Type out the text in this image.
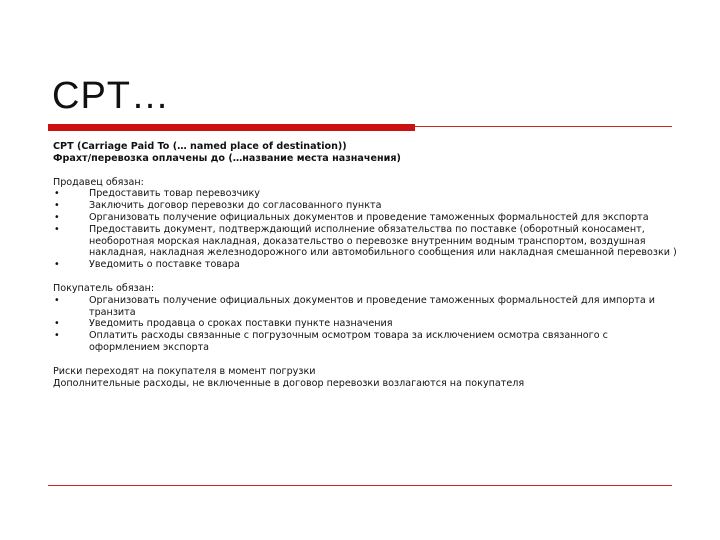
CPT…

CPT (Carriage Paid To (… named place of destination))

Фрахт/перевозка оплачены до (…название места назначения)

Продавец обязан:

• Предоставить товар перевозчику
• Заключить договор перевозки до согласованного пункта
• Организовать получение официальных документов и проведение таможенных формальностей для экспорта
• Предоставить документ, подтверждающий исполнение обязательства по поставке (оборотный коносамент, необоротная морская накладная, доказательство о перевозке внутренним водным транспортом, воздушная накладная, накладная железнодорожного или автомобильного сообщения или накладная смешанной перевозки )
• Уведомить о поставке товара

Покупатель обязан:

• Организовать получение официальных документов и проведение таможенных формальностей для импорта и транзита
• Уведомить продавца о сроках поставки пункте назначения
• Оплатить расходы связанные с погрузочным осмотром товара за исключением осмотра связанного с оформлением экспорта

Риски переходят на покупателя в момент погрузки

Дополнительные расходы, не включенные в договор перевозки возлагаются на покупателя
